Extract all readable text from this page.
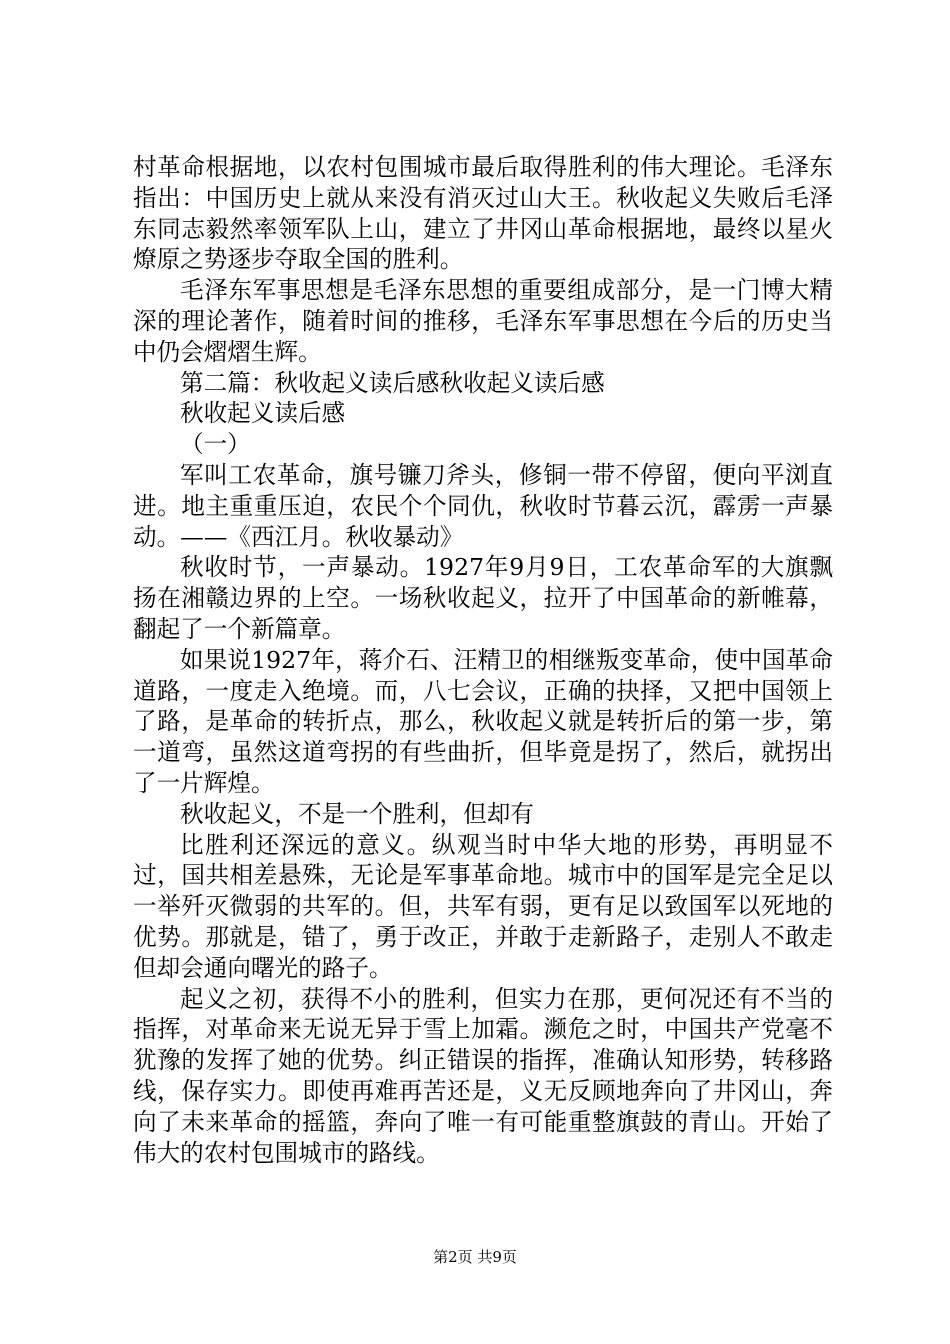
村革命根据地，以农村包围城市最后取得胜利的伟大理论。毛泽东指出：中国历史上就从来没有消灭过山大王。秋收起义失败后毛泽东同志毅然率领军队上山，建立了井冈山革命根据地，最终以星火燎原之势逐步夺取全国的胜利。

毛泽东军事思想是毛泽东思想的重要组成部分，是一门博大精深的理论著作，随着时间的推移，毛泽东军事思想在今后的历史当中仍会熠熠生辉。

第二篇：秋收起义读后感秋收起义读后感

秋收起义读后感

（一）

军叫工农革命，旗号镰刀斧头，修铜一带不停留，便向平浏直进。地主重重压迫，农民个个同仇，秋收时节暮云沉，霹雳一声暴动。——《西江月。秋收暴动》

秋收时节，一声暴动。1927年9月9日，工农革命军的大旗飘扬在湘赣边界的上空。一场秋收起义，拉开了中国革命的新帷幕，翻起了一个新篇章。

如果说1927年，蒋介石、汪精卫的相继叛变革命，使中国革命道路，一度走入绝境。而，八七会议，正确的抉择，又把中国领上了路，是革命的转折点，那么，秋收起义就是转折后的第一步，第一道弯，虽然这道弯拐的有些曲折，但毕竟是拐了，然后，就拐出了一片辉煌。

秋收起义，不是一个胜利，但却有

比胜利还深远的意义。纵观当时中华大地的形势，再明显不过，国共相差悬殊，无论是军事革命地。城市中的国军是完全足以一举歼灭微弱的共军的。但，共军有弱，更有足以致国军以死地的优势。那就是，错了，勇于改正，并敢于走新路子，走别人不敢走但却会通向曙光的路子。

起义之初，获得不小的胜利，但实力在那，更何况还有不当的指挥，对革命来无说无异于雪上加霜。濒危之时，中国共产党毫不犹豫的发挥了她的优势。纠正错误的指挥，准确认知形势，转移路线，保存实力。即使再难再苦还是，义无反顾地奔向了井冈山，奔向了未来革命的摇篮，奔向了唯一有可能重整旗鼓的青山。开始了伟大的农村包围城市的路线。

第2页 共9页
